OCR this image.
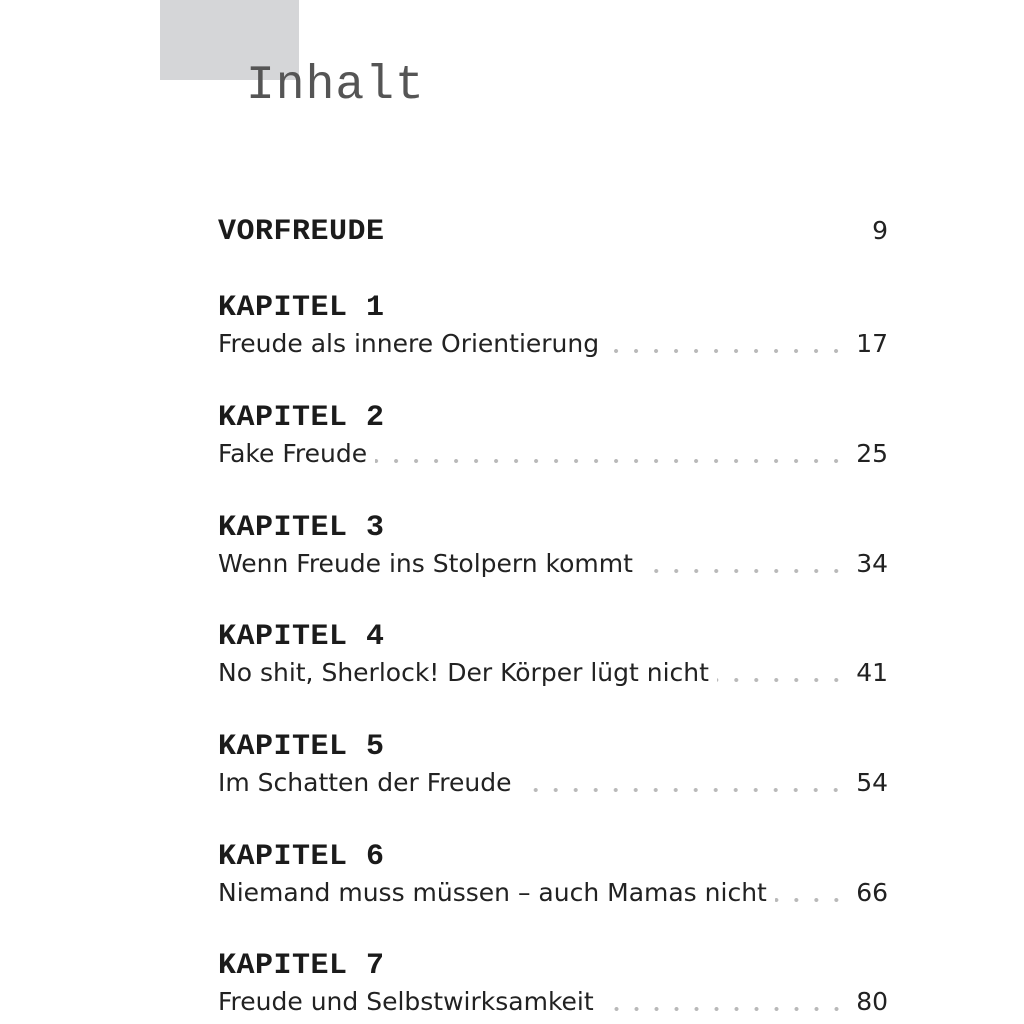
Inhalt
VORFREUDE	9
KAPITEL 1
Freude als innere Orientierung	17
KAPITEL 2
Fake Freude	25
KAPITEL 3
Wenn Freude ins Stolpern kommt	34
KAPITEL 4
No shit, Sherlock! Der Körper lügt nicht	41
KAPITEL 5
Im Schatten der Freude	54
KAPITEL 6
Niemand muss müssen – auch Mamas nicht	66
KAPITEL 7
Freude und Selbstwirksamkeit	80
